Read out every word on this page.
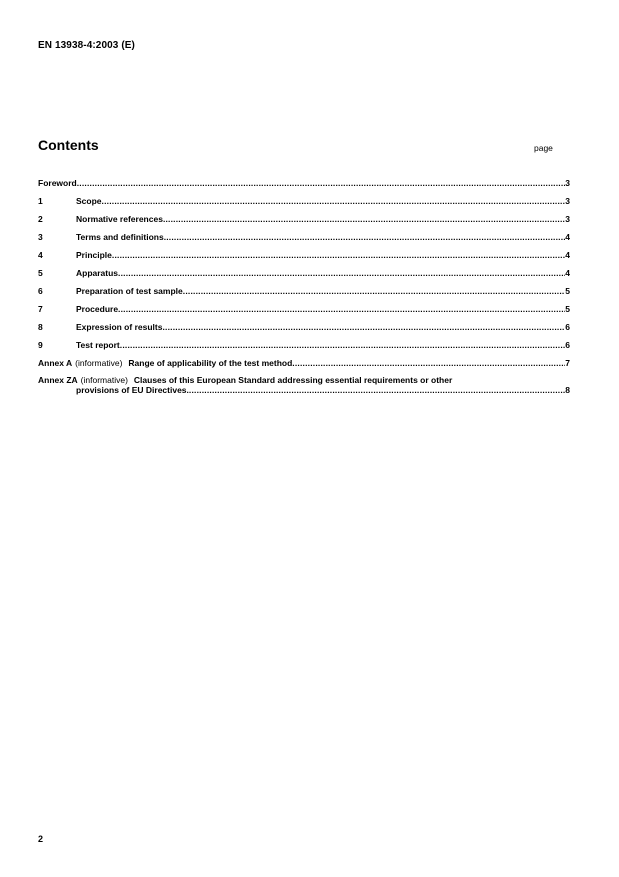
EN 13938-4:2003 (E)
Contents	page
Foreword .....	3
1	Scope .....	3
2	Normative references .....	3
3	Terms and definitions .....	4
4	Principle .....	4
5	Apparatus .....	4
6	Preparation of test sample .....	5
7	Procedure .....	5
8	Expression of results .....	6
9	Test report .....	6
Annex A (informative) Range of applicability of the test method .....	7
Annex ZA (informative) Clauses of this European Standard addressing essential requirements or other
provisions of EU Directives. .....	8
2
